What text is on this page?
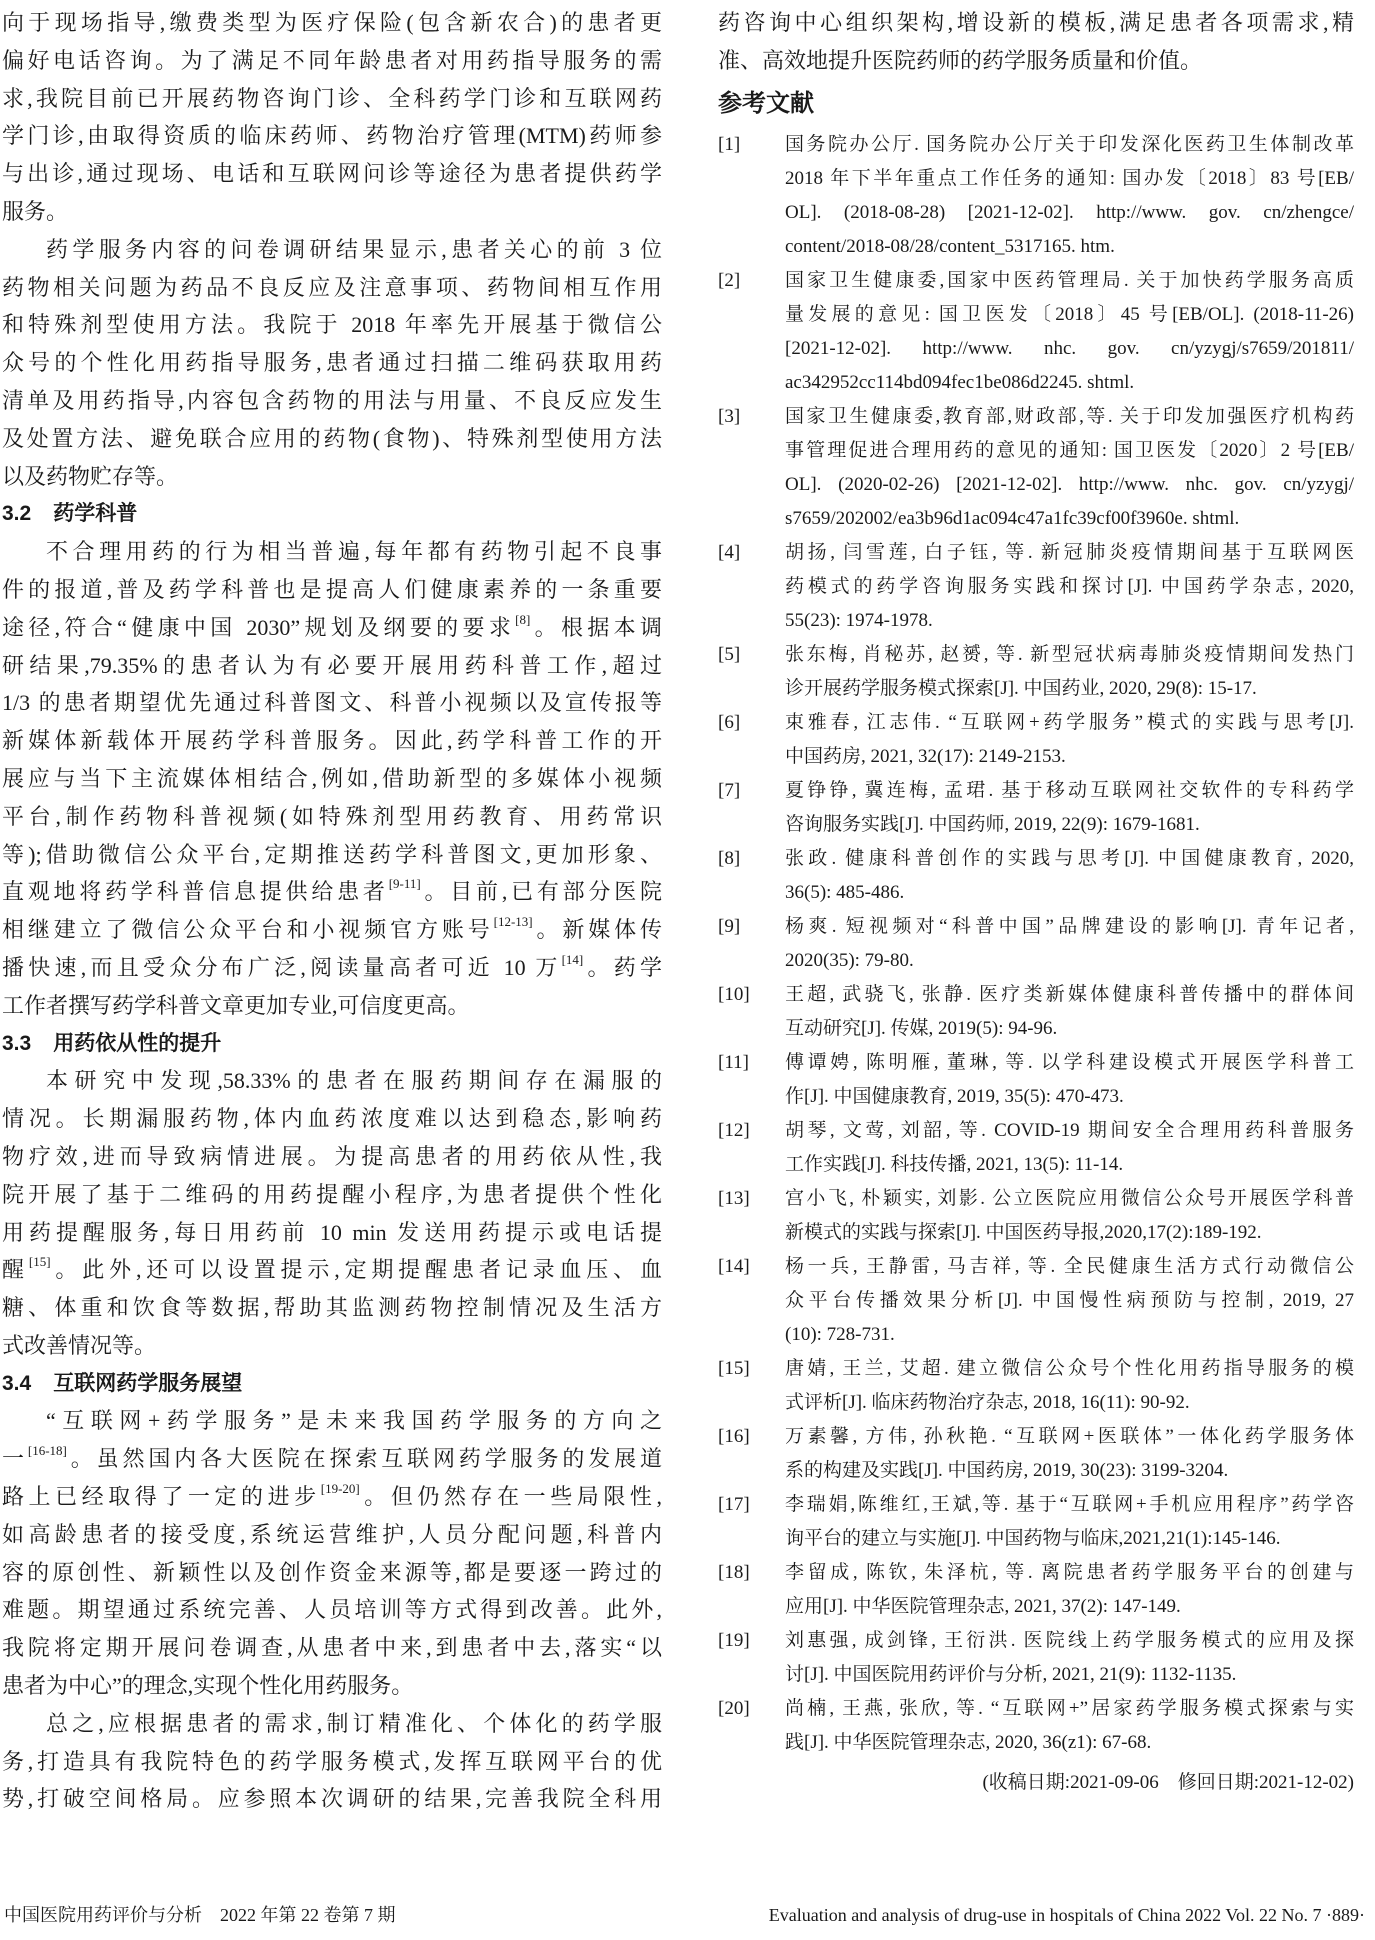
向于现场指导,缴费类型为医疗保险(包含新农合)的患者更
偏好电话咨询。为了满足不同年龄患者对用药指导服务的需
求,我院目前已开展药物咨询门诊、全科药学门诊和互联网药
学门诊,由取得资质的临床药师、药物治疗管理(MTM)药师参
与出诊,通过现场、电话和互联网问诊等途径为患者提供药学
服务。
药学服务内容的问卷调研结果显示,患者关心的前 3 位
药物相关问题为药品不良反应及注意事项、药物间相互作用
和特殊剂型使用方法。我院于 2018 年率先开展基于微信公
众号的个性化用药指导服务,患者通过扫描二维码获取用药
清单及用药指导,内容包含药物的用法与用量、不良反应发生
及处置方法、避免联合应用的药物(食物)、特殊剂型使用方法
以及药物贮存等。
3.2 药学科普
不合理用药的行为相当普遍,每年都有药物引起不良事
件的报道,普及药学科普也是提高人们健康素养的一条重要
途径,符合“健康中国 2030”规划及纲要的要求[8]。根据本调
研结果,79.35%的患者认为有必要开展用药科普工作,超过
1/3 的患者期望优先通过科普图文、科普小视频以及宣传报等
新媒体新载体开展药学科普服务。因此,药学科普工作的开
展应与当下主流媒体相结合,例如,借助新型的多媒体小视频
平台,制作药物科普视频(如特殊剂型用药教育、用药常识
等);借助微信公众平台,定期推送药学科普图文,更加形象、
直观地将药学科普信息提供给患者[9-11]。目前,已有部分医院
相继建立了微信公众平台和小视频官方账号[12-13]。新媒体传
播快速,而且受众分布广泛,阅读量高者可近 10 万[14]。药学
工作者撰写药学科普文章更加专业,可信度更高。
3.3 用药依从性的提升
本研究中发现,58.33%的患者在服药期间存在漏服的
情况。长期漏服药物,体内血药浓度难以达到稳态,影响药
物疗效,进而导致病情进展。为提高患者的用药依从性,我
院开展了基于二维码的用药提醒小程序,为患者提供个性化
用药提醒服务,每日用药前 10 min 发送用药提示或电话提
醒[15]。此外,还可以设置提示,定期提醒患者记录血压、血
糖、体重和饮食等数据,帮助其监测药物控制情况及生活方
式改善情况等。
3.4 互联网药学服务展望
“互联网+药学服务”是未来我国药学服务的方向之
一[16-18]。虽然国内各大医院在探索互联网药学服务的发展道
路上已经取得了一定的进步[19-20]。但仍然存在一些局限性,
如高龄患者的接受度,系统运营维护,人员分配问题,科普内
容的原创性、新颖性以及创作资金来源等,都是要逐一跨过的
难题。期望通过系统完善、人员培训等方式得到改善。此外,
我院将定期开展问卷调查,从患者中来,到患者中去,落实“以
患者为中心”的理念,实现个性化用药服务。
总之,应根据患者的需求,制订精准化、个体化的药学服
务,打造具有我院特色的药学服务模式,发挥互联网平台的优
势,打破空间格局。应参照本次调研的结果,完善我院全科用
药咨询中心组织架构,增设新的模板,满足患者各项需求,精
准、高效地提升医院药师的药学服务质量和价值。
参考文献
[1] 国务院办公厅. 国务院办公厅关于印发深化医药卫生体制改革
2018 年下半年重点工作任务的通知: 国办发〔2018〕83 号[EB/
OL]. (2018-08-28) [2021-12-02]. http://www. gov. cn/zhengce/
content/2018-08/28/content_5317165. htm.
[2] 国家卫生健康委,国家中医药管理局. 关于加快药学服务高质
量发展的意见: 国卫医发〔2018〕45 号[EB/OL]. (2018-11-26)
[2021-12-02]. http://www. nhc. gov. cn/yzygj/s7659/201811/
ac342952cc114bd094fec1be086d2245. shtml.
[3] 国家卫生健康委,教育部,财政部,等. 关于印发加强医疗机构药
事管理促进合理用药的意见的通知: 国卫医发〔2020〕2 号[EB/
OL]. (2020-02-26) [2021-12-02]. http://www. nhc. gov. cn/yzygj/
s7659/202002/ea3b96d1ac094c47a1fc39cf00f3960e. shtml.
[4] 胡扬, 闫雪莲, 白子钰, 等. 新冠肺炎疫情期间基于互联网医
药模式的药学咨询服务实践和探讨[J]. 中国药学杂志, 2020,
55(23): 1974-1978.
[5] 张东梅, 肖秘苏, 赵赟, 等. 新型冠状病毒肺炎疫情期间发热门
诊开展药学服务模式探索[J]. 中国药业, 2020, 29(8): 15-17.
[6] 束雅春, 江志伟. “互联网+药学服务”模式的实践与思考[J].
中国药房, 2021, 32(17): 2149-2153.
[7] 夏铮铮, 冀连梅, 孟珺. 基于移动互联网社交软件的专科药学
咨询服务实践[J]. 中国药师, 2019, 22(9): 1679-1681.
[8] 张政. 健康科普创作的实践与思考[J]. 中国健康教育, 2020,
36(5): 485-486.
[9] 杨爽. 短视频对“科普中国”品牌建设的影响[J]. 青年记者,
2020(35): 79-80.
[10] 王超, 武骁飞, 张静. 医疗类新媒体健康科普传播中的群体间
互动研究[J]. 传媒, 2019(5): 94-96.
[11] 傅谭娉, 陈明雁, 董琳, 等. 以学科建设模式开展医学科普工
作[J]. 中国健康教育, 2019, 35(5): 470-473.
[12] 胡琴, 文莺, 刘韶, 等. COVID-19 期间安全合理用药科普服务
工作实践[J]. 科技传播, 2021, 13(5): 11-14.
[13] 宫小飞, 朴颖实, 刘影. 公立医院应用微信公众号开展医学科普
新模式的实践与探索[J]. 中国医药导报,2020,17(2):189-192.
[14] 杨一兵, 王静雷, 马吉祥, 等. 全民健康生活方式行动微信公
众平台传播效果分析[J]. 中国慢性病预防与控制, 2019, 27
(10): 728-731.
[15] 唐婧, 王兰, 艾超. 建立微信公众号个性化用药指导服务的模
式评析[J]. 临床药物治疗杂志, 2018, 16(11): 90-92.
[16] 万素馨, 方伟, 孙秋艳. “互联网+医联体”一体化药学服务体
系的构建及实践[J]. 中国药房, 2019, 30(23): 3199-3204.
[17] 李瑞娟,陈维红,王斌,等. 基于“互联网+手机应用程序”药学咨
询平台的建立与实施[J]. 中国药物与临床,2021,21(1):145-146.
[18] 李留成, 陈钦, 朱泽杭, 等. 离院患者药学服务平台的创建与
应用[J]. 中华医院管理杂志, 2021, 37(2): 147-149.
[19] 刘惠强, 成剑锋, 王衍洪. 医院线上药学服务模式的应用及探
讨[J]. 中国医院用药评价与分析, 2021, 21(9): 1132-1135.
[20] 尚楠, 王燕, 张欣, 等. “互联网+”居家药学服务模式探索与实
践[J]. 中华医院管理杂志, 2020, 36(z1): 67-68.
(收稿日期:2021-09-06　修回日期:2021-12-02)
中国医院用药评价与分析　2022 年第 22 卷第 7 期	Evaluation and analysis of drug-use in hospitals of China 2022 Vol. 22 No. 7 ·889·
